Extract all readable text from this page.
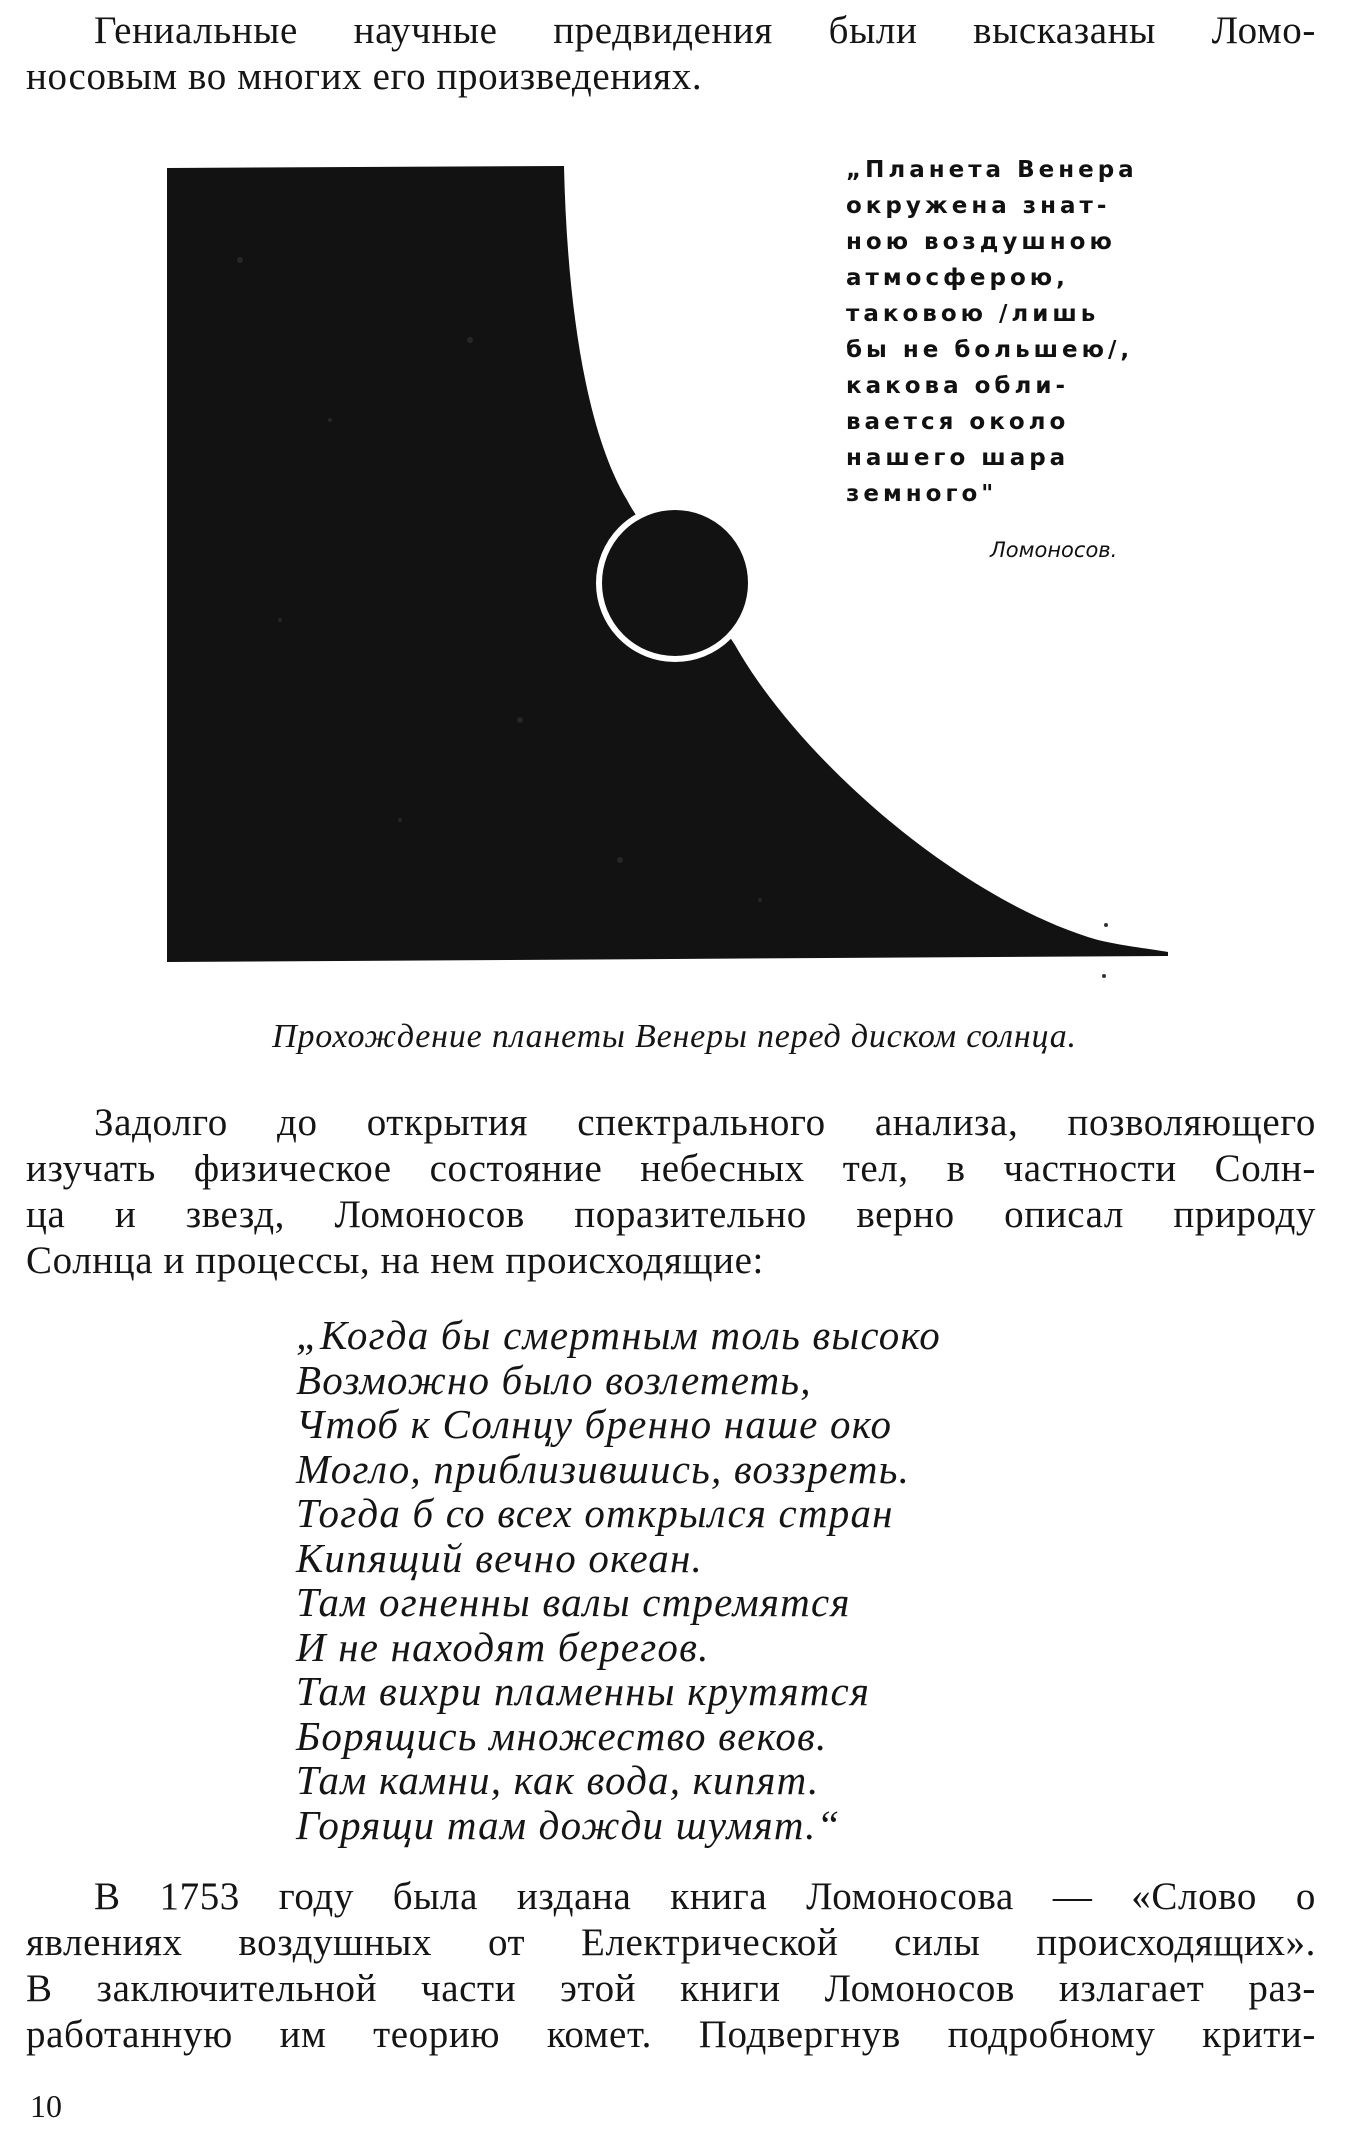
Гениальные научные предвидения были высказаны Ломо-
носовым во многих его произведениях.
„Планета Венера
окружена знат-
ною воздушною
атмосферою,
таковою /лишь
бы не большею/,
какова обли-
вается около
нашего шара
земного"
Ломоносов.
Прохождение планеты Венеры перед диском солнца.
Задолго до открытия спектрального анализа, позволяющего
изучать физическое состояние небесных тел, в частности Солн-
ца и звезд, Ломоносов поразительно верно описал природу
Солнца и процессы, на нем происходящие:
„Когда бы смертным толь высоко
Возможно было возлететь,
Чтоб к Солнцу бренно наше око
Могло, приблизившись, воззреть.
Тогда б со всех открылся стран
Кипящий вечно океан.
Там огненны валы стремятся
И не находят берегов.
Там вихри пламенны крутятся
Борящись множество веков.
Там камни, как вода, кипят.
Горящи там дожди шумят.“
В 1753 году была издана книга Ломоносова — «Слово о
явлениях воздушных от Електрической силы происходящих».
В заключительной части этой книги Ломоносов излагает раз-
работанную им теорию комет. Подвергнув подробному крити-
10
